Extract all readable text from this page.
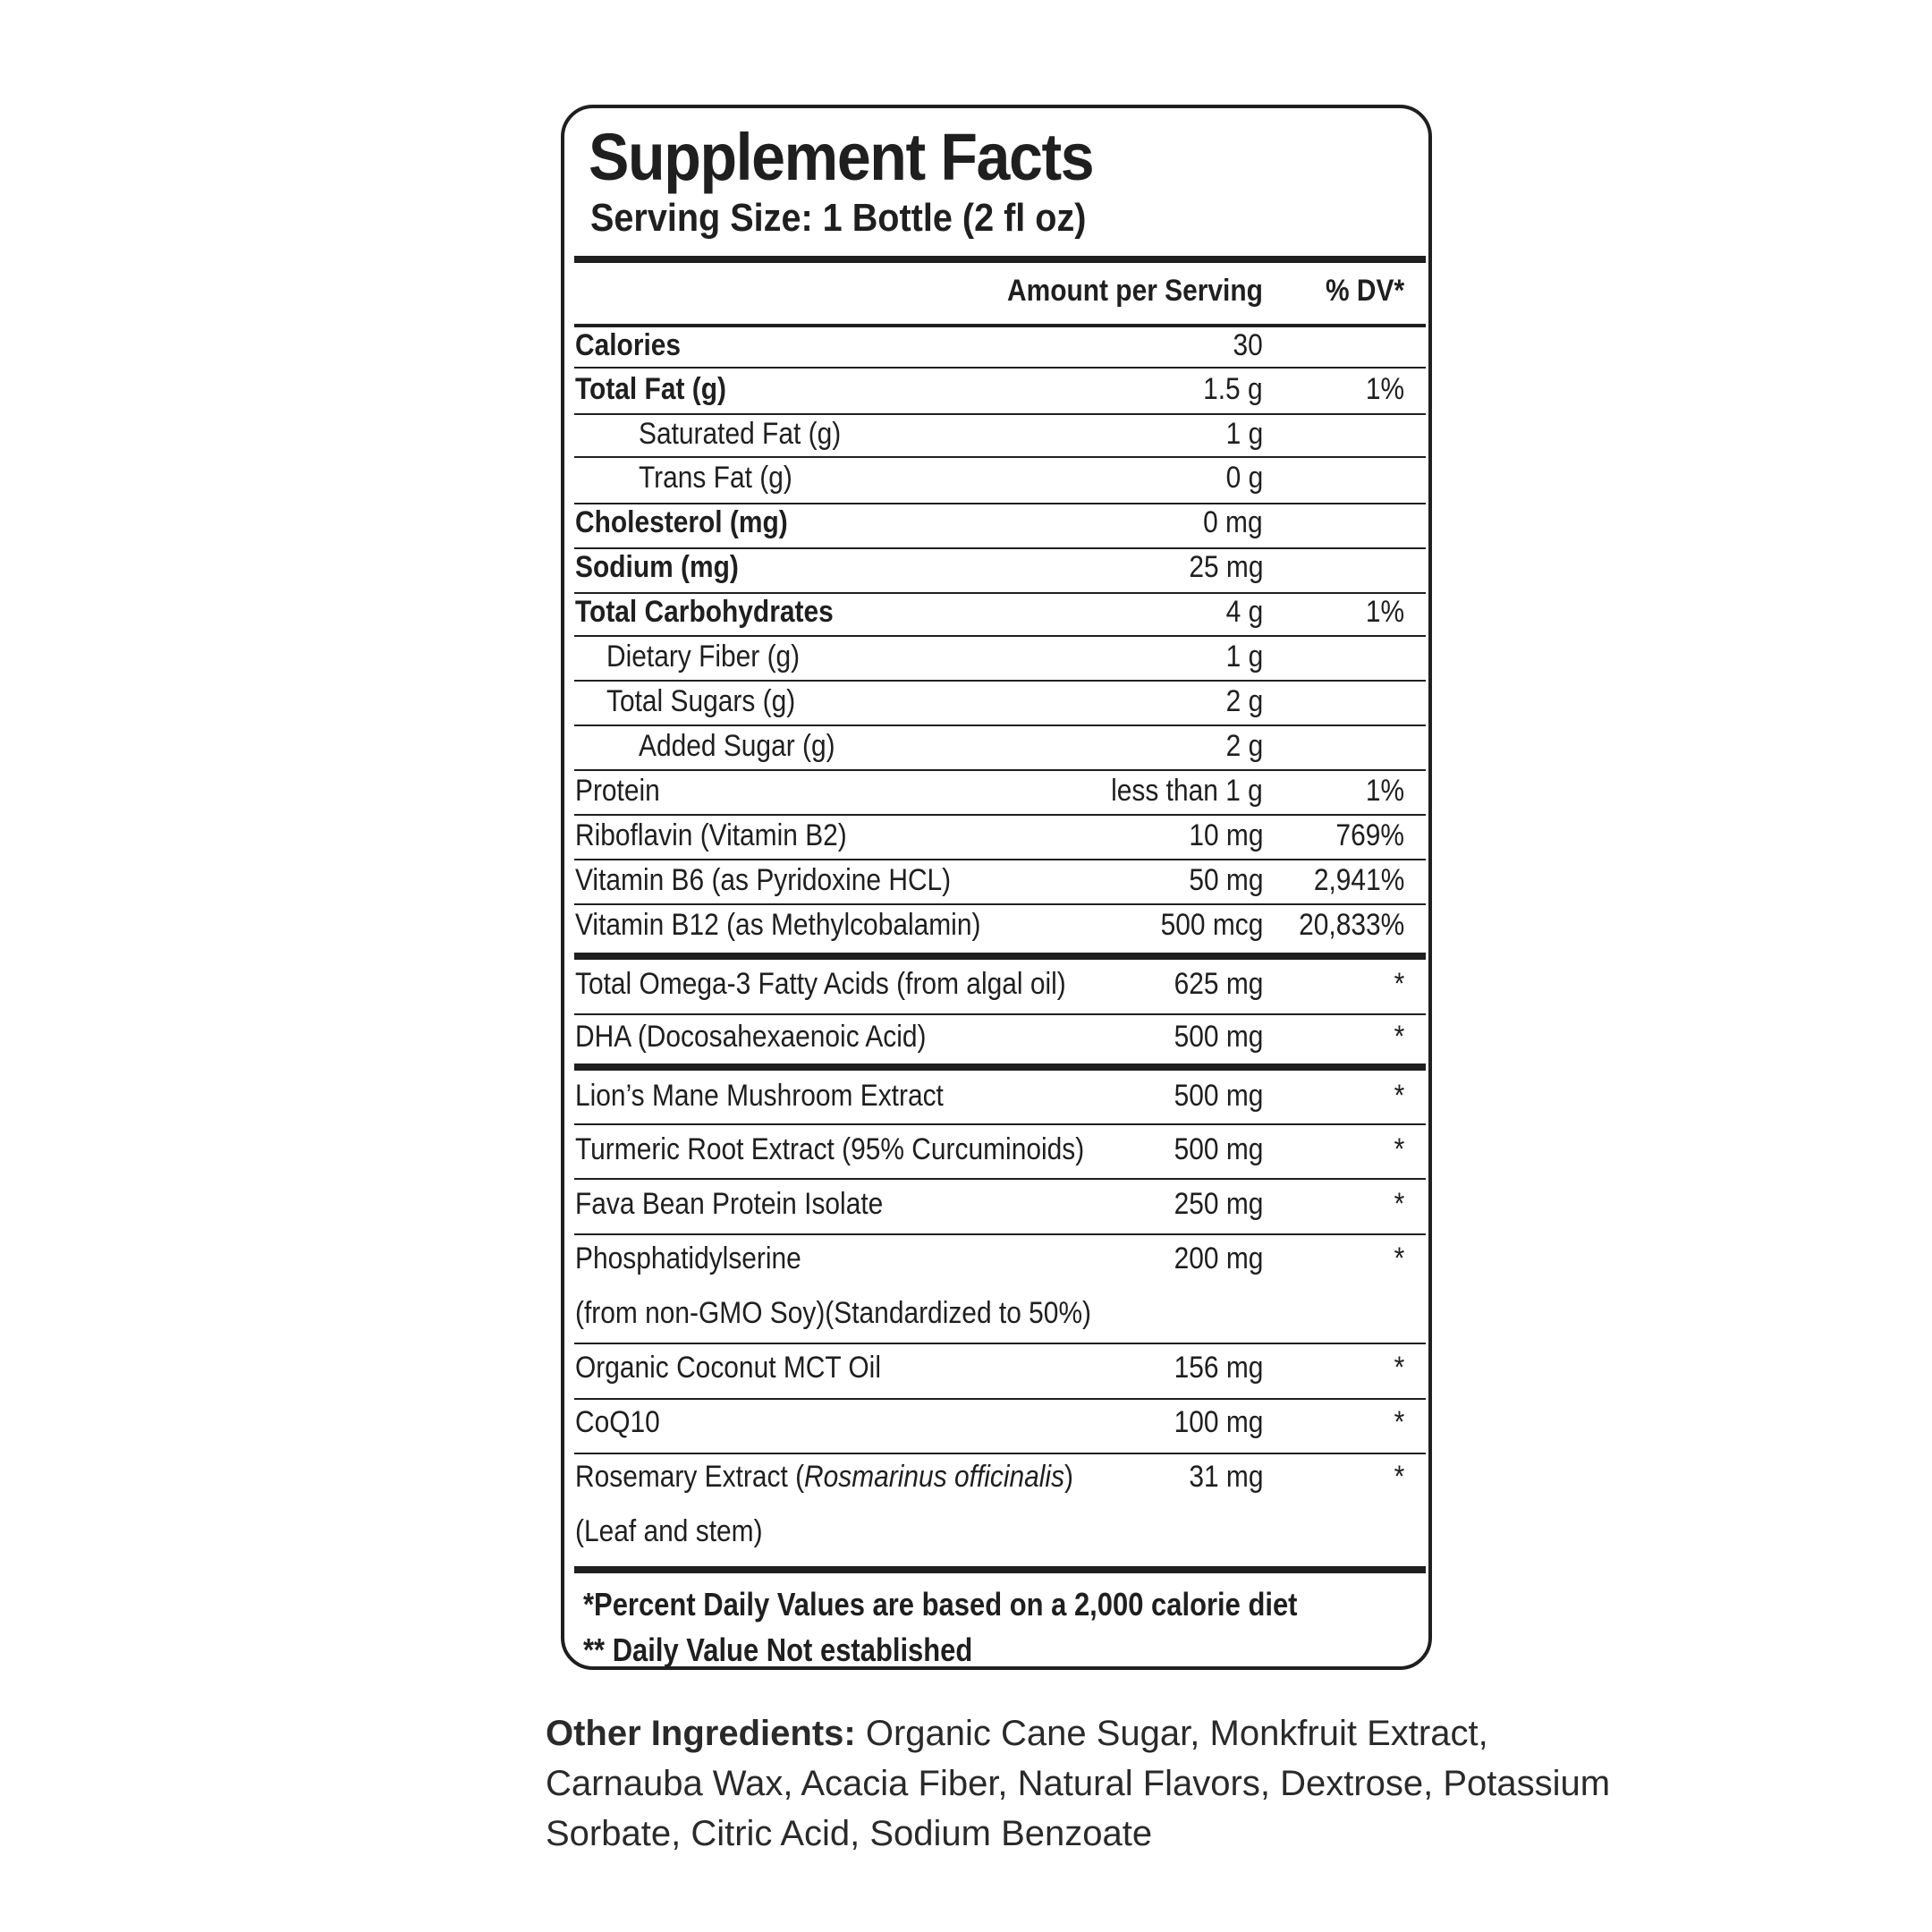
Supplement Facts
Serving Size: 1 Bottle (2 fl oz)
Amount per Serving % DV*
Calories	30
Total Fat (g)	1.5 g	1%
Saturated Fat (g)	1 g
Trans Fat (g)	0 g
Cholesterol (mg)	0 mg
Sodium (mg)	25 mg
Total Carbohydrates	4 g	1%
Dietary Fiber (g)	1 g
Total Sugars (g)	2 g
Added Sugar (g)	2 g
Protein	less than 1 g	1%
Riboflavin (Vitamin B2)	10 mg 769%
Vitamin B6 (as Pyridoxine HCL)	50 mg 2,941%
Vitamin B12 (as Methylcobalamin)	500 mcg 20,833%
Total Omega-3 Fatty Acids (from algal oil)	625 mg	*
DHA (Docosahexaenoic Acid)	500 mg	*
Lion’s Mane Mushroom Extract	500 mg	*
Turmeric Root Extract (95% Curcuminoids)	500 mg	*
Fava Bean Protein Isolate	250 mg	*
Phosphatidylserine	200 mg	*
(from non-GMO Soy)(Standardized to 50%)
Organic Coconut MCT Oil	156 mg	*
CoQ10	100 mg	*
Rosemary Extract (Rosmarinus officinalis)	31 mg	*
(Leaf and stem)
*Percent Daily Values are based on a 2,000 calorie diet
** Daily Value Not established
Other Ingredients: Organic Cane Sugar, Monkfruit Extract, Carnauba Wax, Acacia Fiber, Natural Flavors, Dextrose, Potassium Sorbate, Citric Acid, Sodium Benzoate
